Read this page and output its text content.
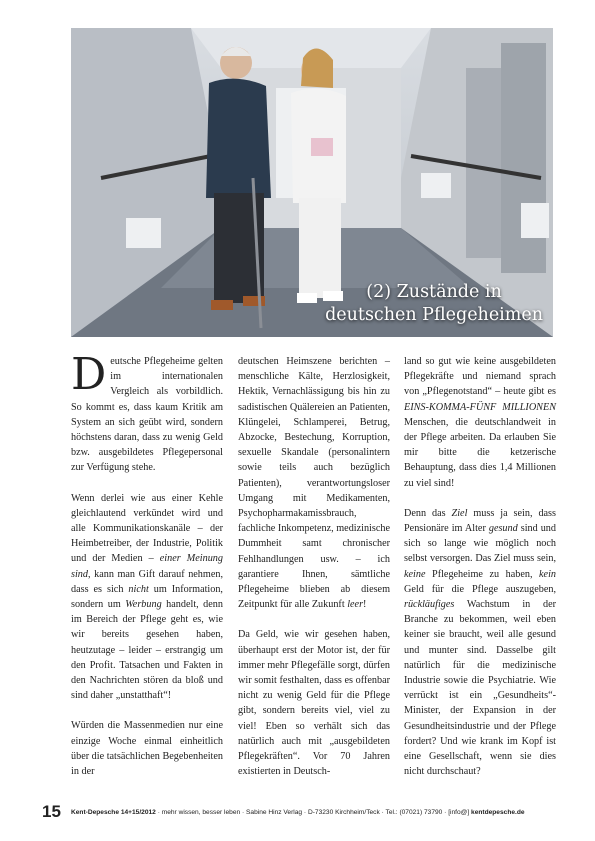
(2) Zustände in
deutschen Pflegeheimen

Deutsche Pflegeheime gelten im internationalen Vergleich als vorbildlich. So kommt es, dass kaum Kritik am System an sich geübt wird, sondern höchstens daran, dass zu wenig Geld bzw. ausgebildetes Pflegepersonal zur Verfügung stehe.

Wenn derlei wie aus einer Kehle gleichlautend verkündet wird und alle Kommunikationskanäle – der Heimbetreiber, der Industrie, Politik und der Medien – einer Meinung sind, kann man Gift darauf nehmen, dass es sich nicht um Information, sondern um Werbung handelt, denn im Bereich der Pflege geht es, wie wir bereits gesehen haben, heutzutage – leider – erstrangig um den Profit. Tatsachen und Fakten in den Nachrichten stören da bloß und sind daher „unstatthaft“!

Würden die Massenmedien nur eine einzige Woche einmal einheitlich über die tatsächlichen Begebenheiten in der

deutschen Heimszene berichten – menschliche Kälte, Herzlosigkeit, Hektik, Vernachlässigung bis hin zu sadistischen Quälereien an Patienten, Klüngelei, Schlamperei, Betrug, Abzocke, Bestechung, Korruption, sexuelle Skandale (personalintern sowie teils auch bezüglich Patienten), verantwortungsloser Umgang mit Medikamenten, Psychopharmakamissbrauch, fachliche Inkompetenz, medizinische Dummheit samt chronischer Fehlhandlungen usw. – ich garantiere Ihnen, sämtliche Pflegeheime blieben ab diesem Zeitpunkt für alle Zukunft leer!

Da Geld, wie wir gesehen haben, überhaupt erst der Motor ist, der für immer mehr Pflegefälle sorgt, dürfen wir somit festhalten, dass es offenbar nicht zu wenig Geld für die Pflege gibt, sondern bereits viel, viel zu viel! Eben so verhält sich das natürlich auch mit „ausgebildeten Pflegekräften“. Vor 70 Jahren existierten in Deutsch-

land so gut wie keine ausgebildeten Pflegekräfte und niemand sprach von „Pflegenotstand“ – heute gibt es EINS-KOMMA-FÜNF MILLIONEN Menschen, die deutschlandweit in der Pflege arbeiten. Da erlauben Sie mir bitte die ketzerische Behauptung, dass dies 1,4 Millionen zu viel sind!

Denn das Ziel muss ja sein, dass Pensionäre im Alter gesund sind und sich so lange wie möglich noch selbst versorgen. Das Ziel muss sein, keine Pflegeheime zu haben, kein Geld für die Pflege auszugeben, rückläufiges Wachstum in der Branche zu bekommen, weil eben keiner sie braucht, weil alle gesund und munter sind. Dasselbe gilt natürlich für die medizinische Industrie sowie die Psychiatrie. Wie verrückt ist ein „Gesundheits“-Minister, der Expansion in der Gesundheitsindustrie und der Pflege fordert? Und wie krank im Kopf ist eine Gesellschaft, wenn sie dies nicht durchschaut?

15 Kent-Depesche 14+15/2012 · mehr wissen, besser leben · Sabine Hinz Verlag · D-73230 Kirchheim/Teck · Tel.: (07021) 73790 · [info@] kentdepesche.de
